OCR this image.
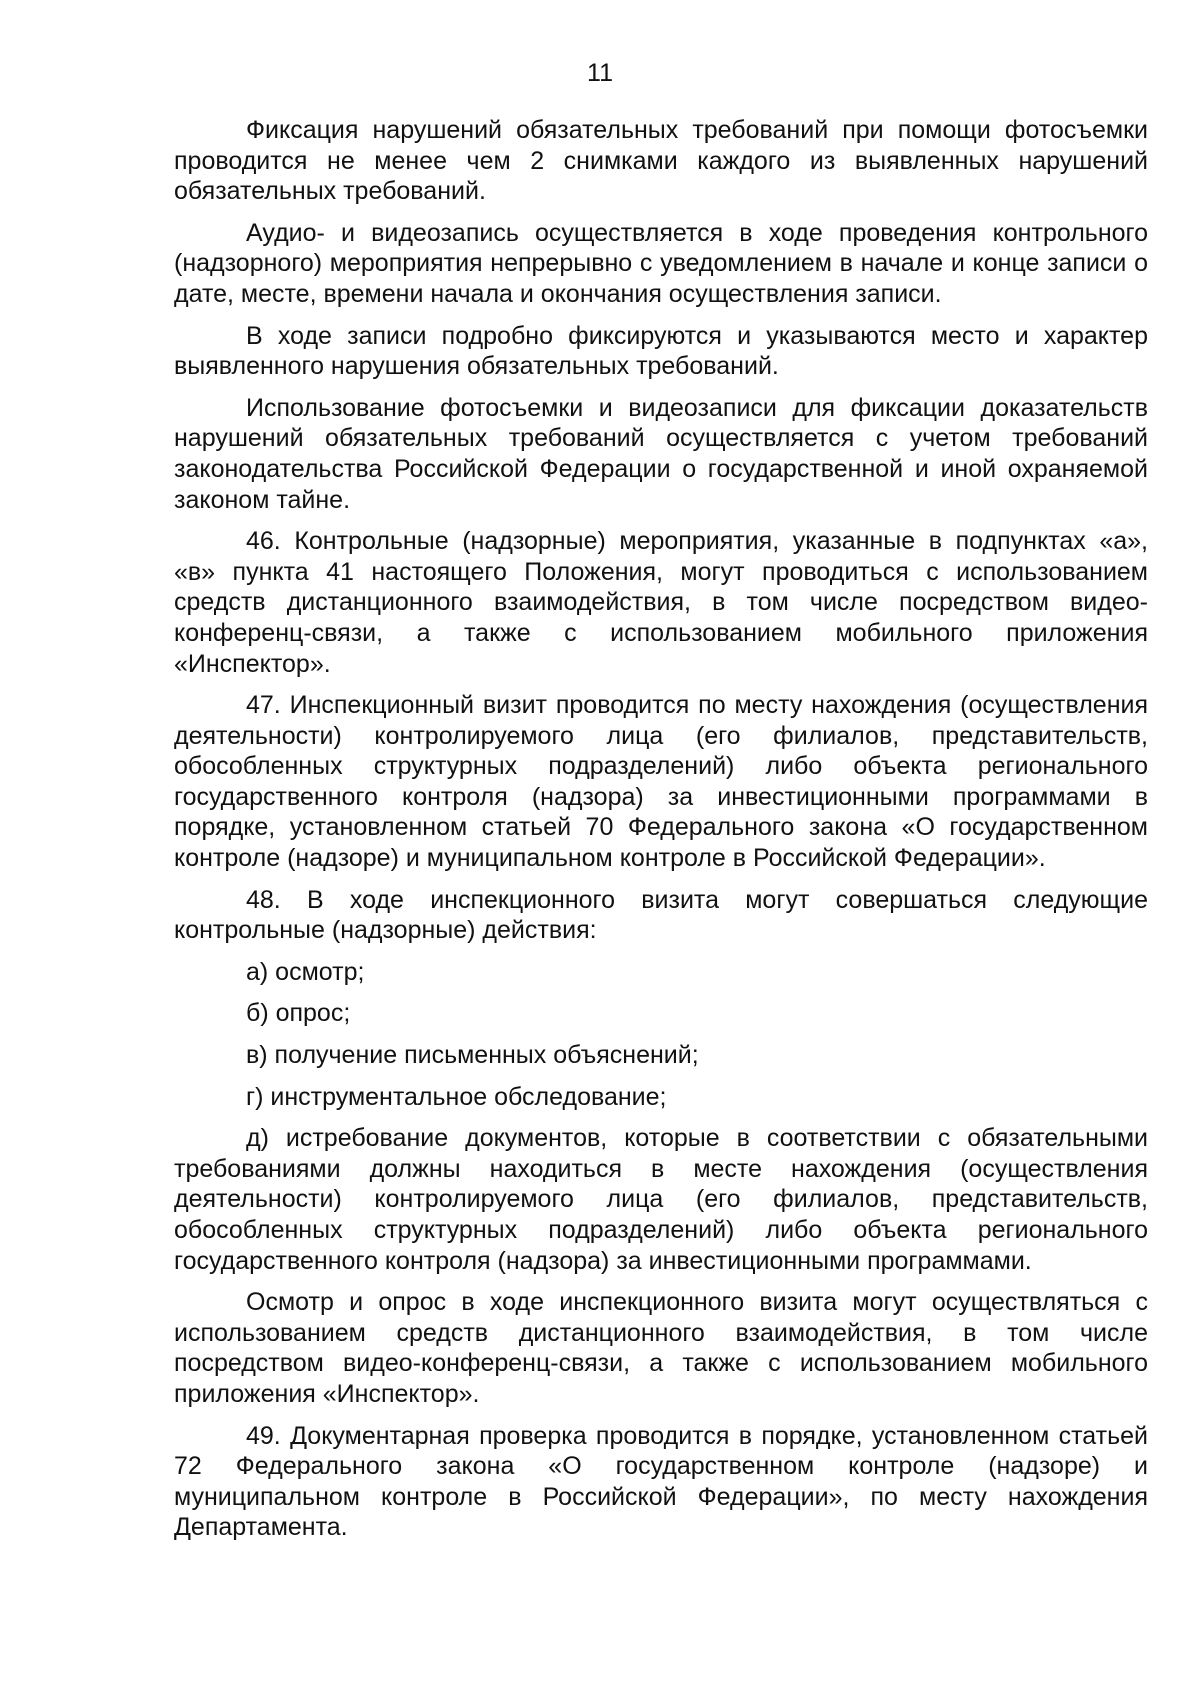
11

Фиксация нарушений обязательных требований при помощи фотосъемки проводится не менее чем 2 снимками каждого из выявленных нарушений обязательных требований.

Аудио- и видеозапись осуществляется в ходе проведения контрольного (надзорного) мероприятия непрерывно с уведомлением в начале и конце записи о дате, месте, времени начала и окончания осуществления записи.

В ходе записи подробно фиксируются и указываются место и характер выявленного нарушения обязательных требований.

Использование фотосъемки и видеозаписи для фиксации доказательств нарушений обязательных требований осуществляется с учетом требований законодательства Российской Федерации о государственной и иной охраняемой законом тайне.

46. Контрольные (надзорные) мероприятия, указанные в подпунктах «а», «в» пункта 41 настоящего Положения, могут проводиться с использованием средств дистанционного взаимодействия, в том числе посредством видео-конференц-связи, а также с использованием мобильного приложения «Инспектор».

47. Инспекционный визит проводится по месту нахождения (осуществления деятельности) контролируемого лица (его филиалов, представительств, обособленных структурных подразделений) либо объекта регионального государственного контроля (надзора) за инвестиционными программами в порядке, установленном статьей 70 Федерального закона «О государственном контроле (надзоре) и муниципальном контроле в Российской Федерации».

48. В ходе инспекционного визита могут совершаться следующие контрольные (надзорные) действия:

а) осмотр;

б) опрос;

в) получение письменных объяснений;

г) инструментальное обследование;

д) истребование документов, которые в соответствии с обязательными требованиями должны находиться в месте нахождения (осуществления деятельности) контролируемого лица (его филиалов, представительств, обособленных структурных подразделений) либо объекта регионального государственного контроля (надзора) за инвестиционными программами.

Осмотр и опрос в ходе инспекционного визита могут осуществляться с использованием средств дистанционного взаимодействия, в том числе посредством видео-конференц-связи, а также с использованием мобильного приложения «Инспектор».

49. Документарная проверка проводится в порядке, установленном статьей 72 Федерального закона «О государственном контроле (надзоре) и муниципальном контроле в Российской Федерации», по месту нахождения Департамента.
